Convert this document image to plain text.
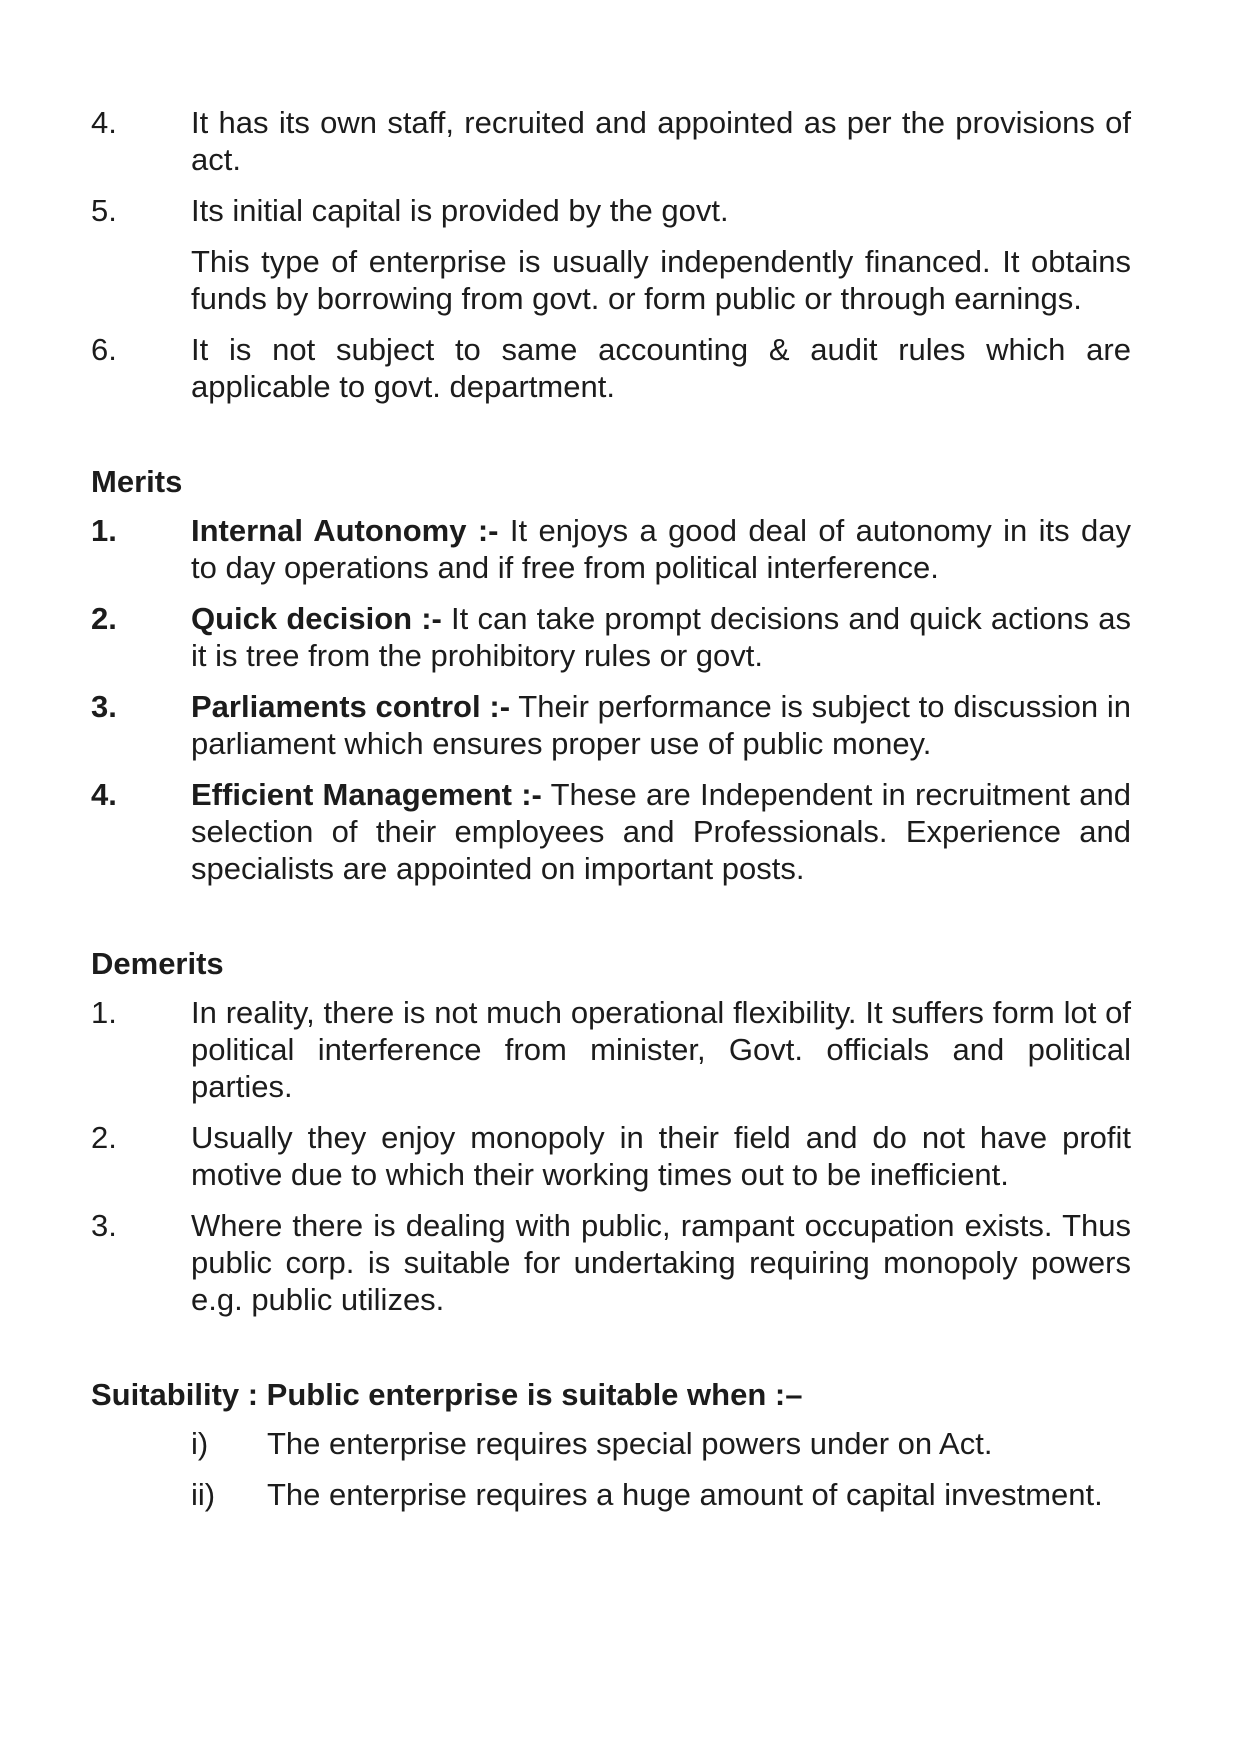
4.	It has its own staff, recruited and appointed as per the provisions of act.
5.	Its initial capital is provided by the govt.
This type of enterprise is usually independently financed. It obtains funds by borrowing from govt. or form public or through earnings.
6.	It is not subject to same accounting & audit rules which are applicable to govt. department.
Merits
1.	Internal Autonomy :- It enjoys a good deal of autonomy in its day to day operations and if free from political interference.
2.	Quick decision :- It can take prompt decisions and quick actions as it is tree from the prohibitory rules or govt.
3.	Parliaments control :- Their performance is subject to discussion in parliament which ensures proper use of public money.
4.	Efficient Management :- These are Independent in recruitment and selection of their employees and Professionals. Experience and specialists are appointed on important posts.
Demerits
1.	In reality, there is not much operational flexibility. It suffers form lot of political interference from minister, Govt. officials and political parties.
2.	Usually they enjoy monopoly in their field and do not have profit motive due to which their working times out to be inefficient.
3.	Where there is dealing with public, rampant occupation exists. Thus public corp. is suitable for undertaking requiring monopoly powers e.g. public utilizes.
Suitability : Public enterprise is suitable when :–
i)	The enterprise requires special powers under on Act.
ii)	The enterprise requires a huge amount of capital investment.
